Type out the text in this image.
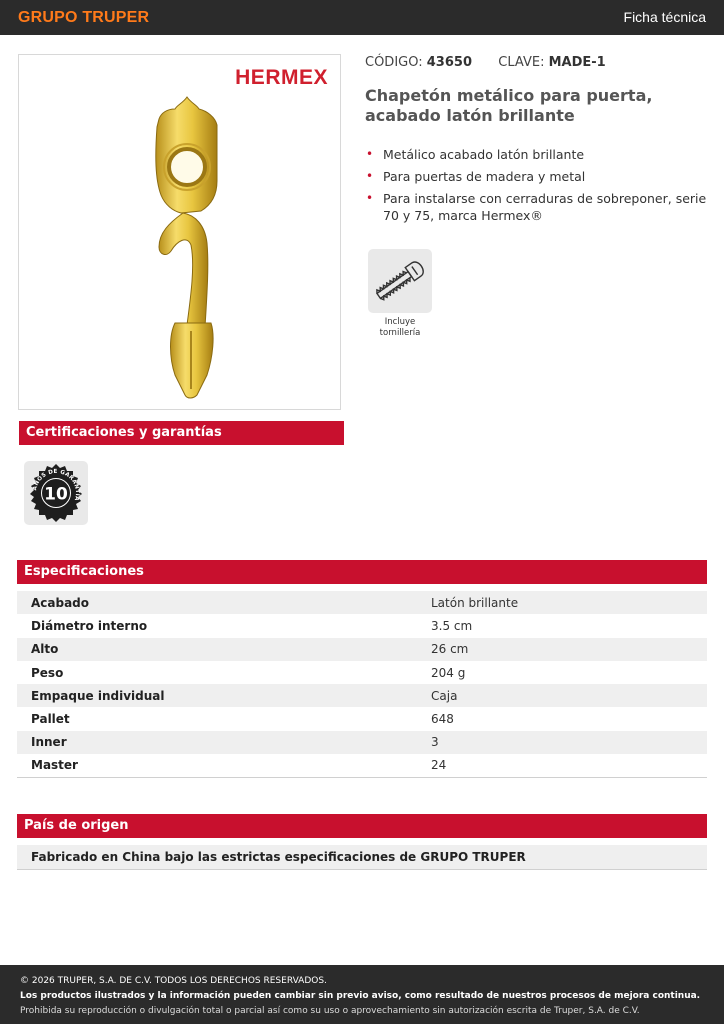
GRUPO TRUPER	Ficha técnica
HERMEX
CÓDIGO: 43650 CLAVE: MADE-1
Chapetón metálico para puerta, acabado latón brillante
• Metálico acabado latón brillante
• Para puertas de madera y metal
• Para instalarse con cerraduras de sobreponer, serie 70 y 75, marca Hermex®
Incluye tornillería
Certificaciones y garantías
AÑOS DE GARANTÍA
10
Especificaciones
Acabado	Latón brillante
Diámetro interno	3.5 cm
Alto	26 cm
Peso	204 g
Empaque individual	Caja
Pallet	648
Inner	3
Master	24
País de origen
Fabricado en China bajo las estrictas especificaciones de GRUPO TRUPER
© 2026 TRUPER, S.A. DE C.V. TODOS LOS DERECHOS RESERVADOS.
Los productos ilustrados y la información pueden cambiar sin previo aviso, como resultado de nuestros procesos de mejora continua.
Prohibida su reproducción o divulgación total o parcial así como su uso o aprovechamiento sin autorización escrita de Truper, S.A. de C.V.
